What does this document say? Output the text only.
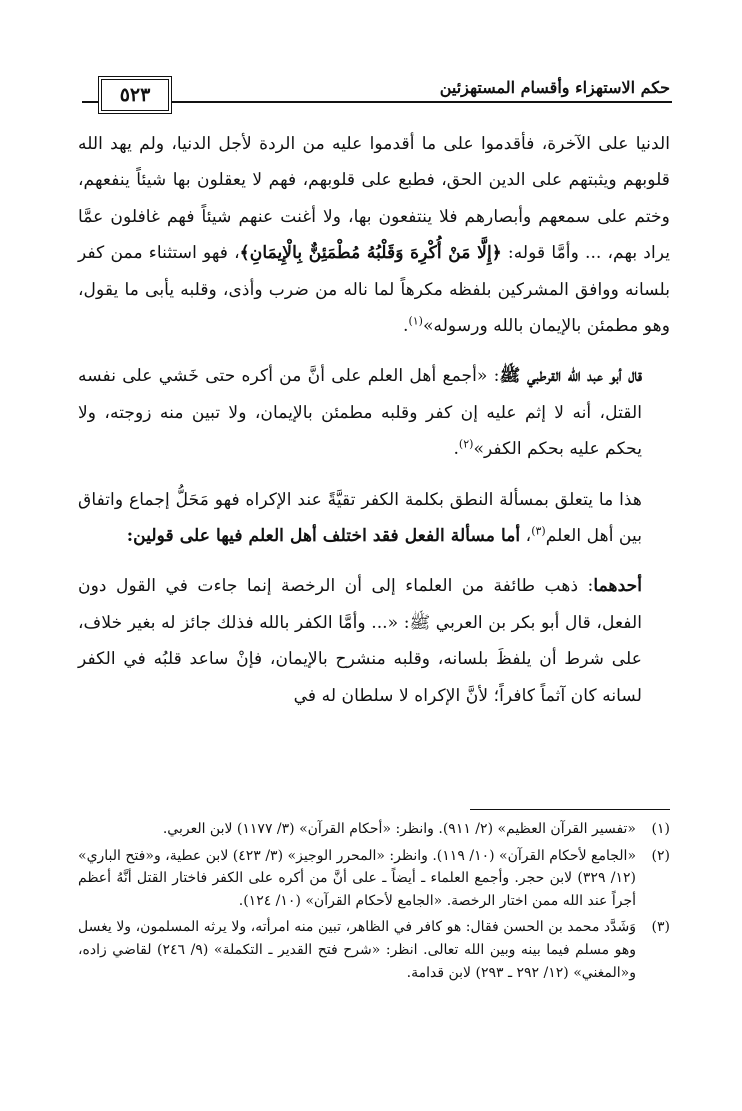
حكم الاستهزاء وأقسام المستهزئين
٥٢٣

الدنيا على الآخرة، فأقدموا على ما أقدموا عليه من الردة لأجل الدنيا، ولم يهد الله قلوبهم ويثبتهم على الدين الحق، فطبع على قلوبهم، فهم لا يعقلون بها شيئاً ينفعهم، وختم على سمعهم وأبصارهم فلا ينتفعون بها، ولا أغنت عنهم شيئاً فهم غافلون عمَّا يراد بهم، ... وأمَّا قوله: ﴿إِلَّا مَنْ أُكْرِهَ وَقَلْبُهُ مُطْمَئِنٌّ بِالْإِيمَانِ﴾، فهو استثناء ممن كفر بلسانه ووافق المشركين بلفظه مكرهاً لما ناله من ضرب وأذى، وقلبه يأبى ما يقول، وهو مطمئن بالإيمان بالله ورسوله»$^{(١)}$.

قال أبو عبد الله القرطبي ﷺ: «أجمع أهل العلم على أنَّ من أكره حتى خَشي على نفسه القتل، أنه لا إثم عليه إن كفر وقلبه مطمئن بالإيمان، ولا تبين منه زوجته، ولا يحكم عليه بحكم الكفر»$^{(٢)}$.

هذا ما يتعلق بمسألة النطق بكلمة الكفر تقيَّةً عند الإكراه فهو مَحَلُّ إجماع واتفاق بين أهل العلم$^{(٣)}$، أما مسألة الفعل فقد اختلف أهل العلم فيها على قولين:

أحدهما: ذهب طائفة من العلماء إلى أن الرخصة إنما جاءت في القول دون الفعل، قال أبو بكر بن العربي ﷺ: «... وأمَّا الكفر بالله فذلك جائز له بغير خلاف، على شرط أن يلفظَ بلسانه، وقلبه منشرح بالإيمان، فإنْ ساعد قلبُه في الكفر لسانه كان آثماً كافراً؛ لأنَّ الإكراه لا سلطان له في

(١)
«تفسير القرآن العظيم» (٢/ ٩١١). وانظر: «أحكام القرآن» (٣/ ١١٧٧) لابن العربي.
(٢)
«الجامع لأحكام القرآن» (١٠/ ١١٩). وانظر: «المحرر الوجيز» (٣/ ٤٢٣) لابن عطية، و«فتح الباري» (١٢/ ٣٢٩) لابن حجر. وأجمع العلماء ـ أيضاً ـ على أنَّ من أكره على الكفر فاختار القتل أنَّهُ أعظم أجراً عند الله ممن اختار الرخصة. «الجامع لأحكام القرآن» (١٠/ ١٢٤).
(٣)
وَشَدَّد محمد بن الحسن فقال: هو كافر في الظاهر، تبين منه امرأته، ولا يرثه المسلمون، ولا يغسل وهو مسلم فيما بينه وبين الله تعالى. انظر: «شرح فتح القدير ـ التكملة» (٩/ ٢٤٦) لقاضي زاده، و«المغني» (١٢/ ٢٩٢ ـ ٢٩٣) لابن قدامة.
